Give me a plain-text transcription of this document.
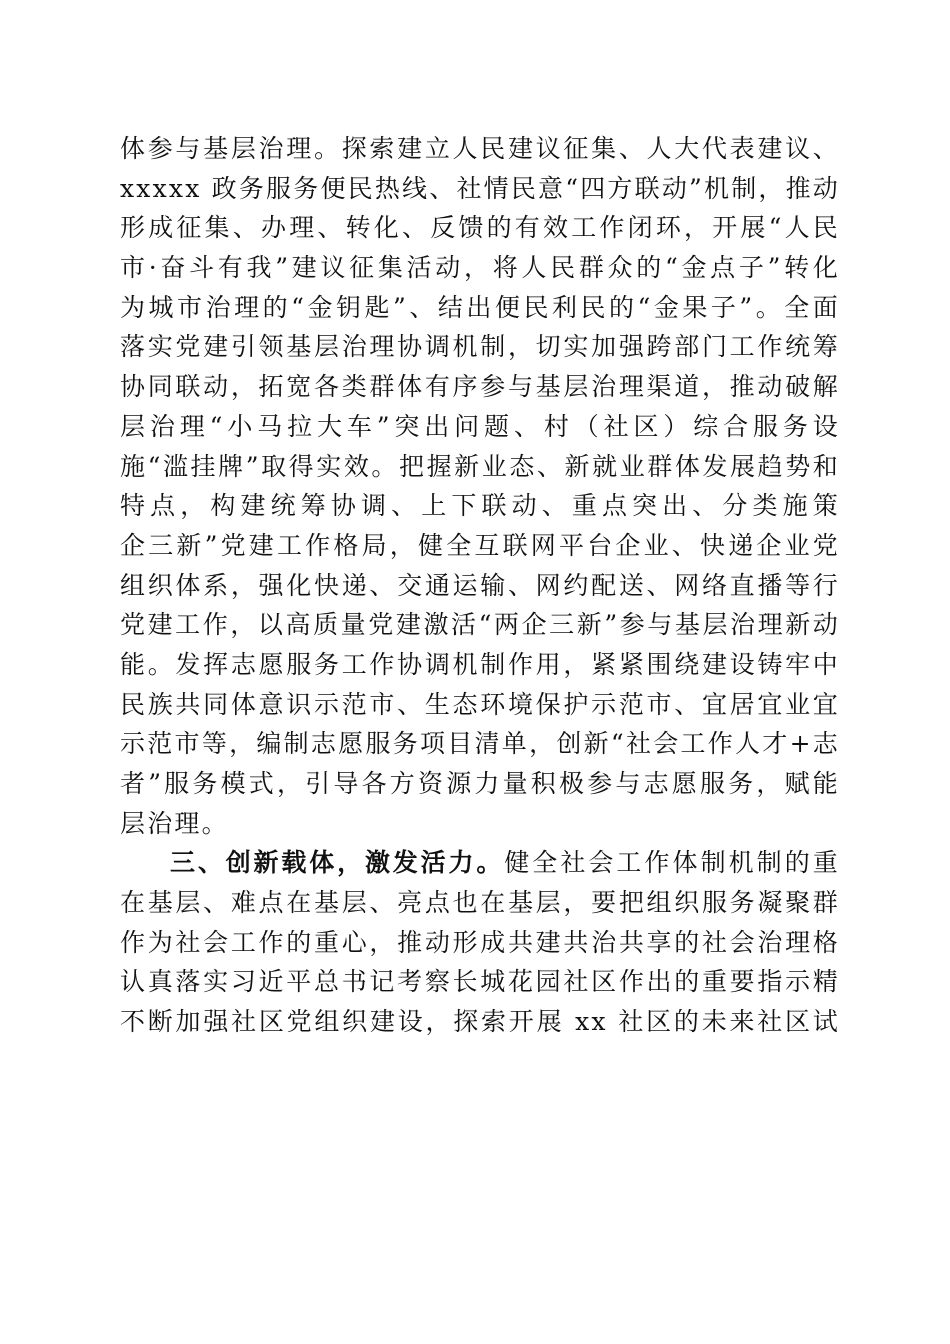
体参与基层治理。探索建立人民建议征集、人大代表建议、
xxxxx 政务服务便民热线、社情民意“四方联动”机制，推动
形成征集、办理、转化、反馈的有效工作闭环，开展“人民
市·奋斗有我”建议征集活动，将人民群众的“金点子”转化
为城市治理的“金钥匙”、结出便民利民的“金果子”。全面
落实党建引领基层治理协调机制，切实加强跨部门工作统筹
协同联动，拓宽各类群体有序参与基层治理渠道，推动破解
层治理“小马拉大车”突出问题、村（社区）综合服务设
施“滥挂牌”取得实效。把握新业态、新就业群体发展趋势和
特点，构建统筹协调、上下联动、重点突出、分类施策
企三新”党建工作格局，健全互联网平台企业、快递企业党
组织体系，强化快递、交通运输、网约配送、网络直播等行
党建工作，以高质量党建激活“两企三新”参与基层治理新动
能。发挥志愿服务工作协调机制作用，紧紧围绕建设铸牢中
民族共同体意识示范市、生态环境保护示范市、宜居宜业宜
示范市等，编制志愿服务项目清单，创新“社会工作人才+志
者”服务模式，引导各方资源力量积极参与志愿服务，赋能
层治理。
三、创新载体，激发活力。健全社会工作体制机制的重
在基层、难点在基层、亮点也在基层，要把组织服务凝聚群
作为社会工作的重心，推动形成共建共治共享的社会治理格
认真落实习近平总书记考察长城花园社区作出的重要指示精
不断加强社区党组织建设，探索开展 xx 社区的未来社区试
